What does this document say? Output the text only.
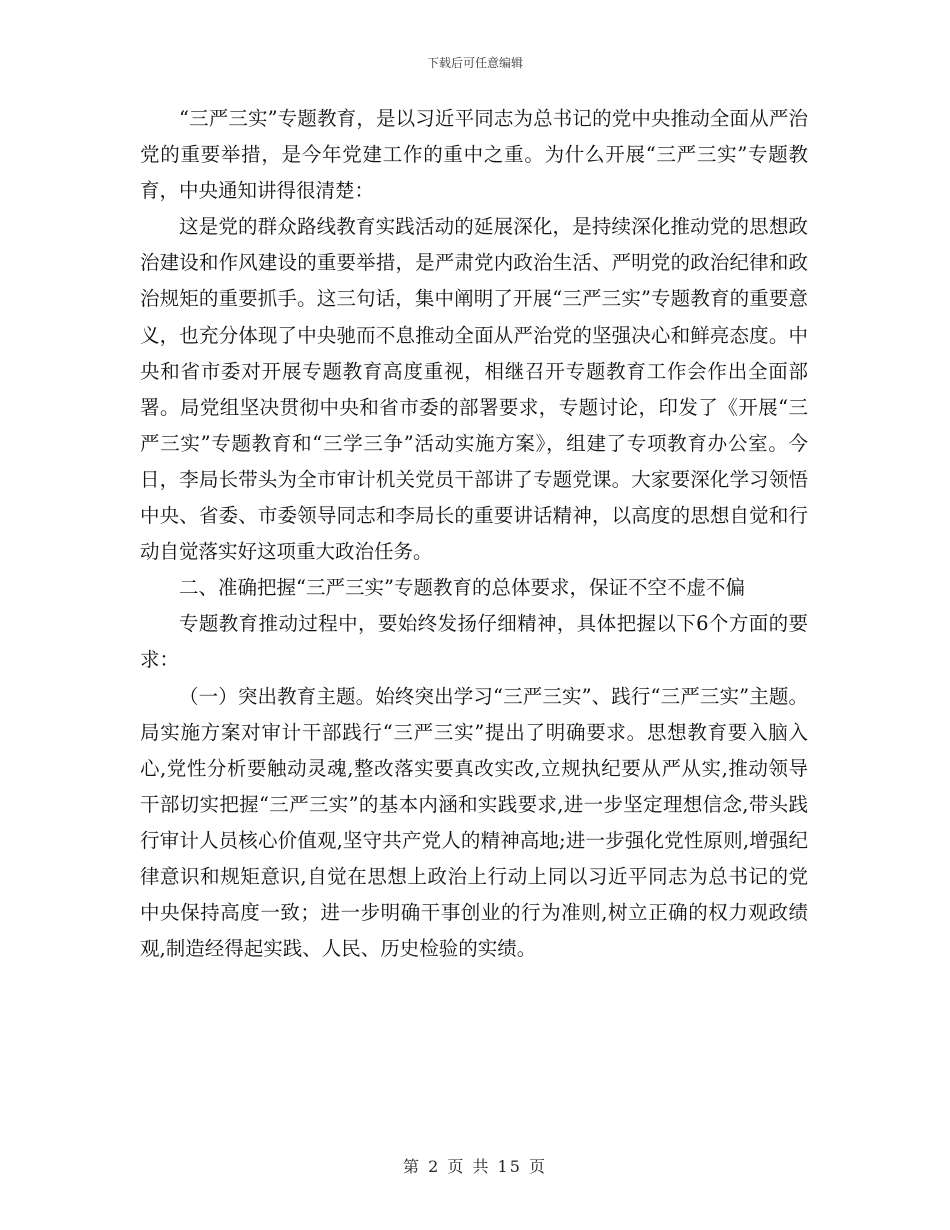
下载后可任意编辑

“三严三实”专题教育，是以习近平同志为总书记的党中央推动全面从严治党的重要举措，是今年党建工作的重中之重。为什么开展“三严三实”专题教育，中央通知讲得很清楚：

这是党的群众路线教育实践活动的延展深化，是持续深化推动党的思想政治建设和作风建设的重要举措，是严肃党内政治生活、严明党的政治纪律和政治规矩的重要抓手。这三句话，集中阐明了开展“三严三实”专题教育的重要意义，也充分体现了中央驰而不息推动全面从严治党的坚强决心和鲜亮态度。中央和省市委对开展专题教育高度重视，相继召开专题教育工作会作出全面部署。局党组坚决贯彻中央和省市委的部署要求，专题讨论，印发了《开展“三严三实”专题教育和“三学三争”活动实施方案》，组建了专项教育办公室。今日，李局长带头为全市审计机关党员干部讲了专题党课。大家要深化学习领悟中央、省委、市委领导同志和李局长的重要讲话精神，以高度的思想自觉和行动自觉落实好这项重大政治任务。

二、准确把握“三严三实”专题教育的总体要求，保证不空不虚不偏

专题教育推动过程中，要始终发扬仔细精神，具体把握以下6个方面的要求：

（一）突出教育主题。始终突出学习“三严三实”、践行“三严三实”主题。局实施方案对审计干部践行“三严三实”提出了明确要求。思想教育要入脑入心,党性分析要触动灵魂,整改落实要真改实改,立规执纪要从严从实,推动领导干部切实把握“三严三实”的基本内涵和实践要求,进一步坚定理想信念,带头践行审计人员核心价值观,坚守共产党人的精神高地;进一步强化党性原则,增强纪律意识和规矩意识,自觉在思想上政治上行动上同以习近平同志为总书记的党中央保持高度一致；进一步明确干事创业的行为准则,树立正确的权力观政绩观,制造经得起实践、人民、历史检验的实绩。

第 2 页 共 15 页
